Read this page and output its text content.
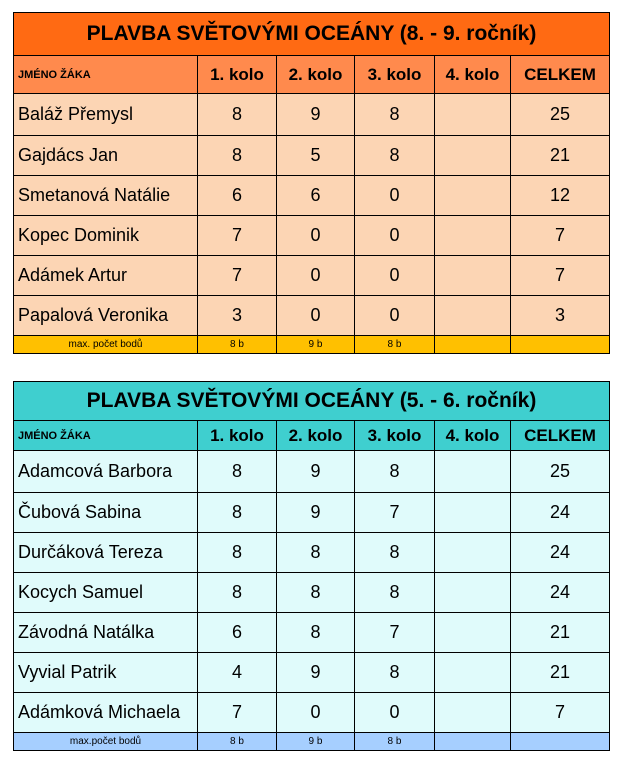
PLAVBA SVĚTOVÝMI OCEÁNY (8. - 9. ročník)					
JMÉNO ŽÁKA	1. kolo	2. kolo	3. kolo	4. kolo	CELKEM
Baláž Přemysl	8	9	8		25
Gajdács Jan	8	5	8		21
Smetanová Natálie	6	6	0		12
Kopec Dominik	7	0	0		7
Adámek Artur	7	0	0		7
Papalová Veronika	3	0	0		3
max. počet bodů	8 b	9 b	8 b		
PLAVBA SVĚTOVÝMI OCEÁNY (5. - 6. ročník)					
JMÉNO ŽÁKA	1. kolo	2. kolo	3. kolo	4. kolo	CELKEM
Adamcová Barbora	8	9	8		25
Čubová Sabina	8	9	7		24
Durčáková Tereza	8	8	8		24
Kocych Samuel	8	8	8		24
Závodná Natálka	6	8	7		21
Vyvial Patrik	4	9	8		21
Adámková Michaela	7	0	0		7
max.počet bodů	8 b	9 b	8 b		
